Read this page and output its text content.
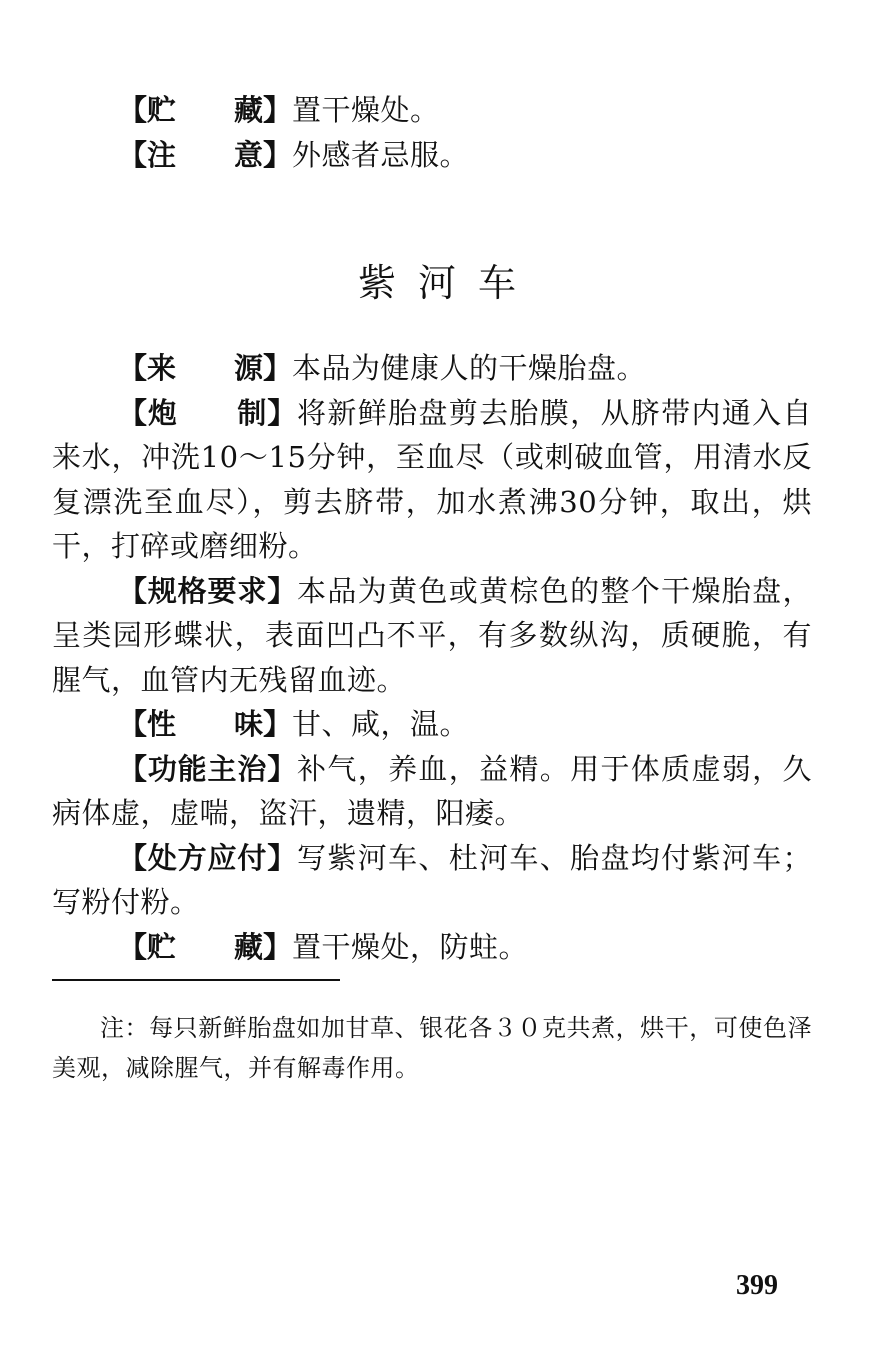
【贮　　藏】置干燥处。

【注　　意】外感者忌服。

紫河车

【来　　源】本品为健康人的干燥胎盘。

【炮　　制】将新鲜胎盘剪去胎膜，从脐带内通入自来水，冲洗10～15分钟，至血尽（或刺破血管，用清水反复漂洗至血尽），剪去脐带，加水煮沸30分钟，取出，烘干，打碎或磨细粉。

【规格要求】本品为黄色或黄棕色的整个干燥胎盘，呈类园形蝶状，表面凹凸不平，有多数纵沟，质硬脆，有腥气，血管内无残留血迹。

【性　　味】甘、咸，温。

【功能主治】补气，养血，益精。用于体质虚弱，久病体虚，虚喘，盗汗，遗精，阳痿。

【处方应付】写紫河车、杜河车、胎盘均付紫河车；写粉付粉。

【贮　　藏】置干燥处，防蛀。

注：每只新鲜胎盘如加甘草、银花各３０克共煮，烘干，可使色泽美观，减除腥气，并有解毒作用。

399
